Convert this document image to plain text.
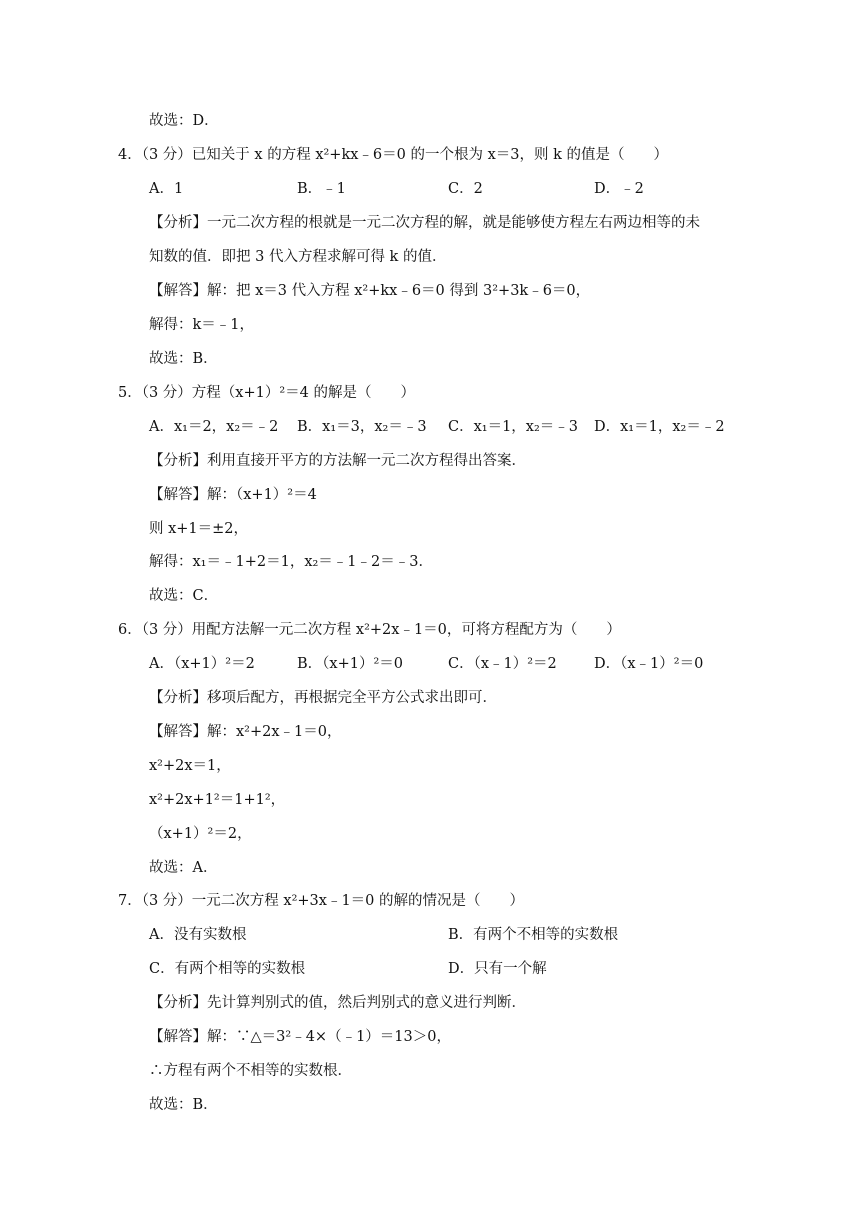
故选：D．
4．（3 分）已知关于 x 的方程 x²+kx﹣6＝0 的一个根为 x＝3，则 k 的值是（　　）
A．1	B．﹣1	C．2	D．﹣2
【分析】一元二次方程的根就是一元二次方程的解，就是能够使方程左右两边相等的未
知数的值．即把 3 代入方程求解可得 k 的值．
【解答】解：把 x＝3 代入方程 x²+kx﹣6＝0 得到 3²+3k﹣6＝0，
解得：k＝﹣1，
故选：B．
5．（3 分）方程（x+1）²＝4 的解是（　　）
A．x₁＝2，x₂＝﹣2 B．x₁＝3，x₂＝﹣3 C．x₁＝1，x₂＝﹣3 D．x₁＝1，x₂＝﹣2
【分析】利用直接开平方的方法解一元二次方程得出答案．
【解答】解：（x+1）²＝4
则 x+1＝±2，
解得：x₁＝﹣1+2＝1，x₂＝﹣1﹣2＝﹣3．
故选：C．
6．（3 分）用配方法解一元二次方程 x²+2x﹣1＝0，可将方程配方为（　　）
A．（x+1）²＝2	B．（x+1）²＝0	C．（x﹣1）²＝2	D．（x﹣1）²＝0
【分析】移项后配方，再根据完全平方公式求出即可．
【解答】解：x²+2x﹣1＝0，
x²+2x＝1，
x²+2x+1²＝1+1²，
（x+1）²＝2，
故选：A．
7．（3 分）一元二次方程 x²+3x﹣1＝0 的解的情况是（　　）
A．没有实数根	B．有两个不相等的实数根
C．有两个相等的实数根	D．只有一个解
【分析】先计算判别式的值，然后判别式的意义进行判断．
【解答】解：∵△＝3²﹣4×（﹣1）＝13＞0，
∴方程有两个不相等的实数根．
故选：B．
